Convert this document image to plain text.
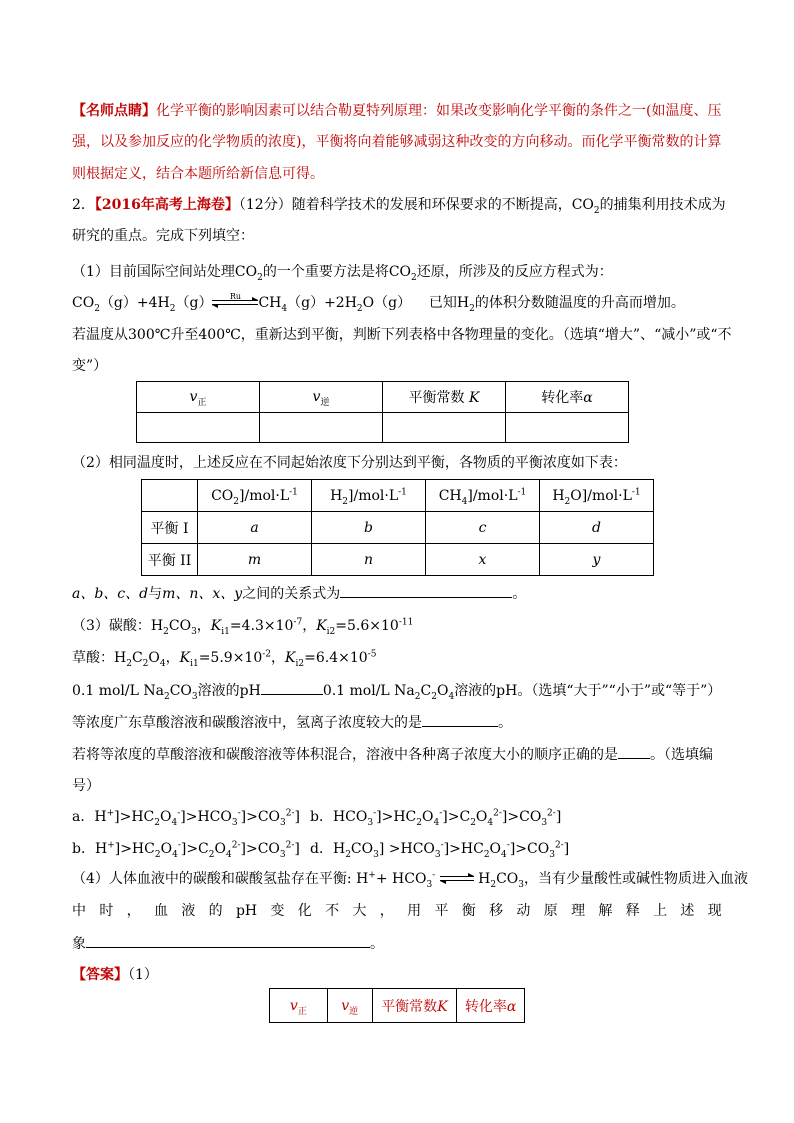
【名师点睛】化学平衡的影响因素可以结合勒夏特列原理：如果改变影响化学平衡的条件之一(如温度、压
强，以及参加反应的化学物质的浓度)，平衡将向着能够减弱这种改变的方向移动。而化学平衡常数的计算
则根据定义，结合本题所给新信息可得。
2．【2016年高考上海卷】（12分）随着科学技术的发展和环保要求的不断提高，$CO_2$的捕集利用技术成为
研究的重点。完成下列填空：
（1）目前国际空间站处理$CO_2$的一个重要方法是将$CO_2$还原，所涉及的反应方程式为：
$CO_2(g)+4H_2(g)$	Ru	$CH_4(g)+2H_2O(g)$    已知$H_2$的体积分数随温度的升高而增加。
若温度从300℃升至400℃，重新达到平衡，判断下列表格中各物理量的变化。（选填“增大”、“减小”或“不
变”）
$v_正$	$v_逆$	平衡常数 K	转化率α

（2）相同温度时，上述反应在不同起始浓度下分别达到平衡，各物质的平衡浓度如下表：
	$CO_2]/mol\cdot L^{-1}$	$H_2]/mol\cdot L^{-1}$	$CH_4]/mol\cdot L^{-1}$	$H_2O]/mol\cdot L^{-1}$
平衡 I	a	b	c	d
平衡 II	m	n	x	y
a、b、c、d与m、n、x、y之间的关系式为	。
（3）碳酸：$H_2CO_3$，$K_{i1}=4.3\times 10^{-7}$，$K_{i2}=5.6\times 10^{-11}$
草酸：$H_2C_2O_4$，$K_{i1}=5.9\times 10^{-2}$，$K_{i2}=6.4\times 10^{-5}$
0.1 mol/L $Na_2CO_3$溶液的pH	0.1 mol/L $Na_2C_2O_4$溶液的pH。（选填“大于”“小于”或“等于”）
等浓度广东草酸溶液和碳酸溶液中，氢离子浓度较大的是	。
若将等浓度的草酸溶液和碳酸溶液等体积混合，溶液中各种离子浓度大小的顺序正确的是 。（选填编
号）
a．$H^+]>HC_2O_4^-]>HCO_3^-]>CO_3^{2-}$] b．$HCO_3^-]>HC_2O_4^-]>C_2O_4^{2-}]>CO_3^{2-}$]
b．$H^+]>HC_2O_4^-]>C_2O_4^{2-}]>CO_3^{2-}$] d．$H_2CO_3] >HCO_3^-]>HC_2O_4^-]>CO_3^{2-}$]
（4）人体血液中的碳酸和碳酸氢盐存在平衡: $H^++ HCO_3^-$ ⇌ $H_2CO_3$，当有少量酸性或碱性物质进入血液
中 时 ， 血 液 的 pH 变 化 不 大 ， 用 平 衡 移 动 原 理 解 释 上 述 现
象	。
【答案】（1）
$v_正$	$v_逆$	平衡常数K	转化率α
